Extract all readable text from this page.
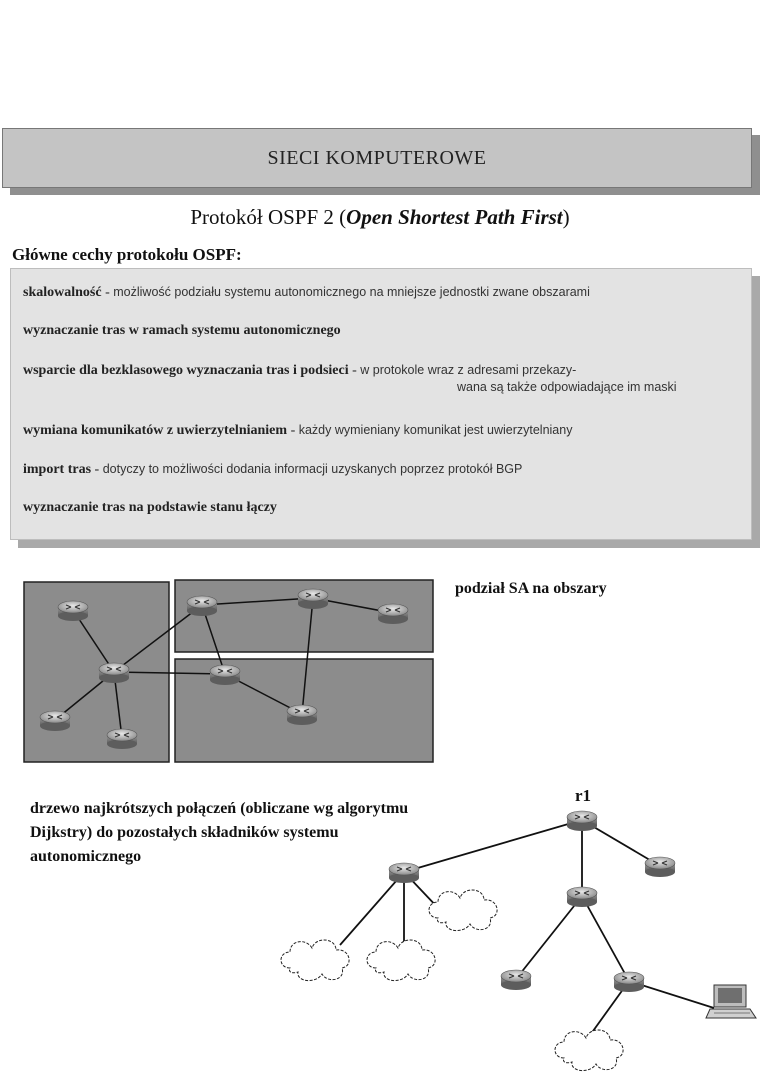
SIECI KOMPUTEROWE
Protokół OSPF 2 (Open Shortest Path First)
Główne cechy protokołu OSPF:
skalowalność - możliwość podziału systemu autonomicznego na mniejsze jednostki zwane obszarami
wyznaczanie tras w ramach systemu autonomicznego
wsparcie dla bezklasowego wyznaczania tras i podsieci - w protokole wraz z adresami przekazy-
wana są także odpowiadające im maski
wymiana komunikatów z uwierzytelnianiem - każdy wymieniany komunikat jest uwierzytelniany
import tras - dotyczy to możliwości dodania informacji uzyskanych poprzez protokół BGP
wyznaczanie tras na podstawie stanu łączy
podział SA na obszary
drzewo najkrótszych połączeń (obliczane wg algorytmu Dijkstry) do pozostałych składników systemu autonomicznego
r1
